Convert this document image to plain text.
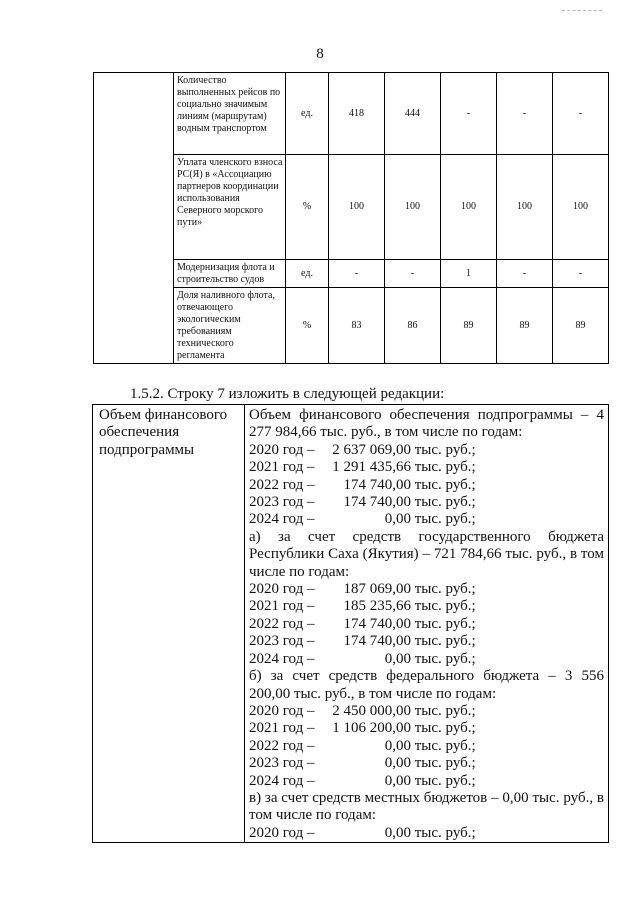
8
	Количество выполненных рейсов по социально значимым линиям (маршрутам) водным транспортом	ед.	418	444	-	-	-
	Уплата членского взноса РС(Я) в «Ассоциацию партнеров координации использования Северного морского пути»	%	100	100	100	100	100
	Модернизация флота и строительство судов	ед.	-	-	1	-	-
	Доля наливного флота, отвечающего экологическим требованиям технического регламента	%	83	86	89	89	89
1.5.2. Строку 7 изложить в следующей редакции:
Объем финансового обеспечения подпрограммы	
Объем финансового обеспечения подпрограммы – 4 277 984,66 тыс. руб., в том числе по годам:
2020 год – 2 637 069,00 тыс. руб.;
2021 год – 1 291 435,66 тыс. руб.;
2022 год – 174 740,00 тыс. руб.;
2023 год – 174 740,00 тыс. руб.;
2024 год –	0,00 тыс. руб.;
а) за счет средств государственного бюджета Республики Саха (Якутия) – 721 784,66 тыс. руб., в том числе по годам:
2020 год – 187 069,00 тыс. руб.;
2021 год – 185 235,66 тыс. руб.;
2022 год – 174 740,00 тыс. руб.;
2023 год – 174 740,00 тыс. руб.;
2024 год –	0,00 тыс. руб.;
б) за счет средств федерального бюджета – 3 556 200,00 тыс. руб., в том числе по годам:
2020 год – 2 450 000,00 тыс. руб.;
2021 год – 1 106 200,00 тыс. руб.;
2022 год –	0,00 тыс. руб.;
2023 год –	0,00 тыс. руб.;
2024 год –	0,00 тыс. руб.;
в) за счет средств местных бюджетов – 0,00 тыс. руб., в том числе по годам:
2020 год –	0,00 тыс. руб.;
